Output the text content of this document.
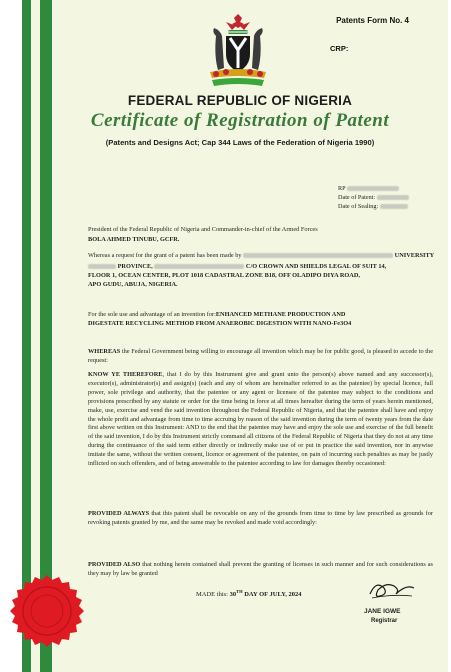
Patents Form No. 4
CRP:
FEDERAL REPUBLIC OF NIGERIA
Certificate of Registration of Patent
(Patents and Designs Act; Cap 344 Laws of the Federation of Nigeria 1990)
RP
Date of Patent:
Date of Sealing:
President of the Federal Republic of Nigeria and Commander-in-chief of the Armed Forces
BOLA AHMED TINUBU, GCFR.
Whereas a request for the grant of a patent has been made by	UNIVERSITY
PROVINCE,	C/O CROWN AND SHIELDS LEGAL OF SUIT 14,
FLOOR 1, OCEAN CENTER, PLOT 1018 CADASTRAL ZONE B18, OFF OLADIPO DIYA ROAD,
APO GUDU, ABUJA, NIGERIA.
For the sole use and advantage of an invention for:ENHANCED METHANE PRODUCTION AND
DIGESTATE RECYCLING METHOD FROM ANAEROBIC DIGESTION WITH NANO-Fe3O4
WHEREAS the Federal Government being willing to encourage all invention which may be for public good, is pleased to accede to the request:
KNOW YE THEREFORE, that I do by this Instrument give and grant unto the person(s) above named and any successor(s), executor(s), administrator(s) and assign(s) (each and any of whom are hereinafter referred to as the patentee) by special licence, full power, sole privilege and authority, that the patentee or any agent or licensee of the patentee may subject to the conditions and provisions prescribed by any statute or order for the time being in force at all times hereafter during the term of years herein mentioned, make, use, exercise and vend the said invention throughout the Federal Republic of Nigeria, and that the patentee shall have and enjoy the whole profit and advantage from time to time accruing by reason of the said invention during the term of twenty years from the date first above written on this Instrument: AND to the end that the patentee may have and enjoy the sole use and exercise of the full benefit of the said invention, I do by this Instrument strictly command all citizens of the Federal Republic of Nigeria that they do not at any time during the continuance of the said term either directly or indirectly make use of or put in practice the said invention, nor in anywise imitate the same, without the written consent, licence or agreement of the patentee, on pain of incurring such penalties as may be justly inflicted on such offenders, and of being answerable to the patentee according to law for damages thereby occasioned:
PROVIDED ALWAYS that this patent shall be revocable on any of the grounds from time to time by law prescribed as grounds for revoking patents granted by me, and the same may be revoked and made void accordingly:
PROVIDED ALSO that nothing herein contained shall prevent the granting of licenses in such manner and for such considerations as they may by law be granted
MADE this: 30TH DAY OF JULY, 2024
JANE IGWE
Registrar
